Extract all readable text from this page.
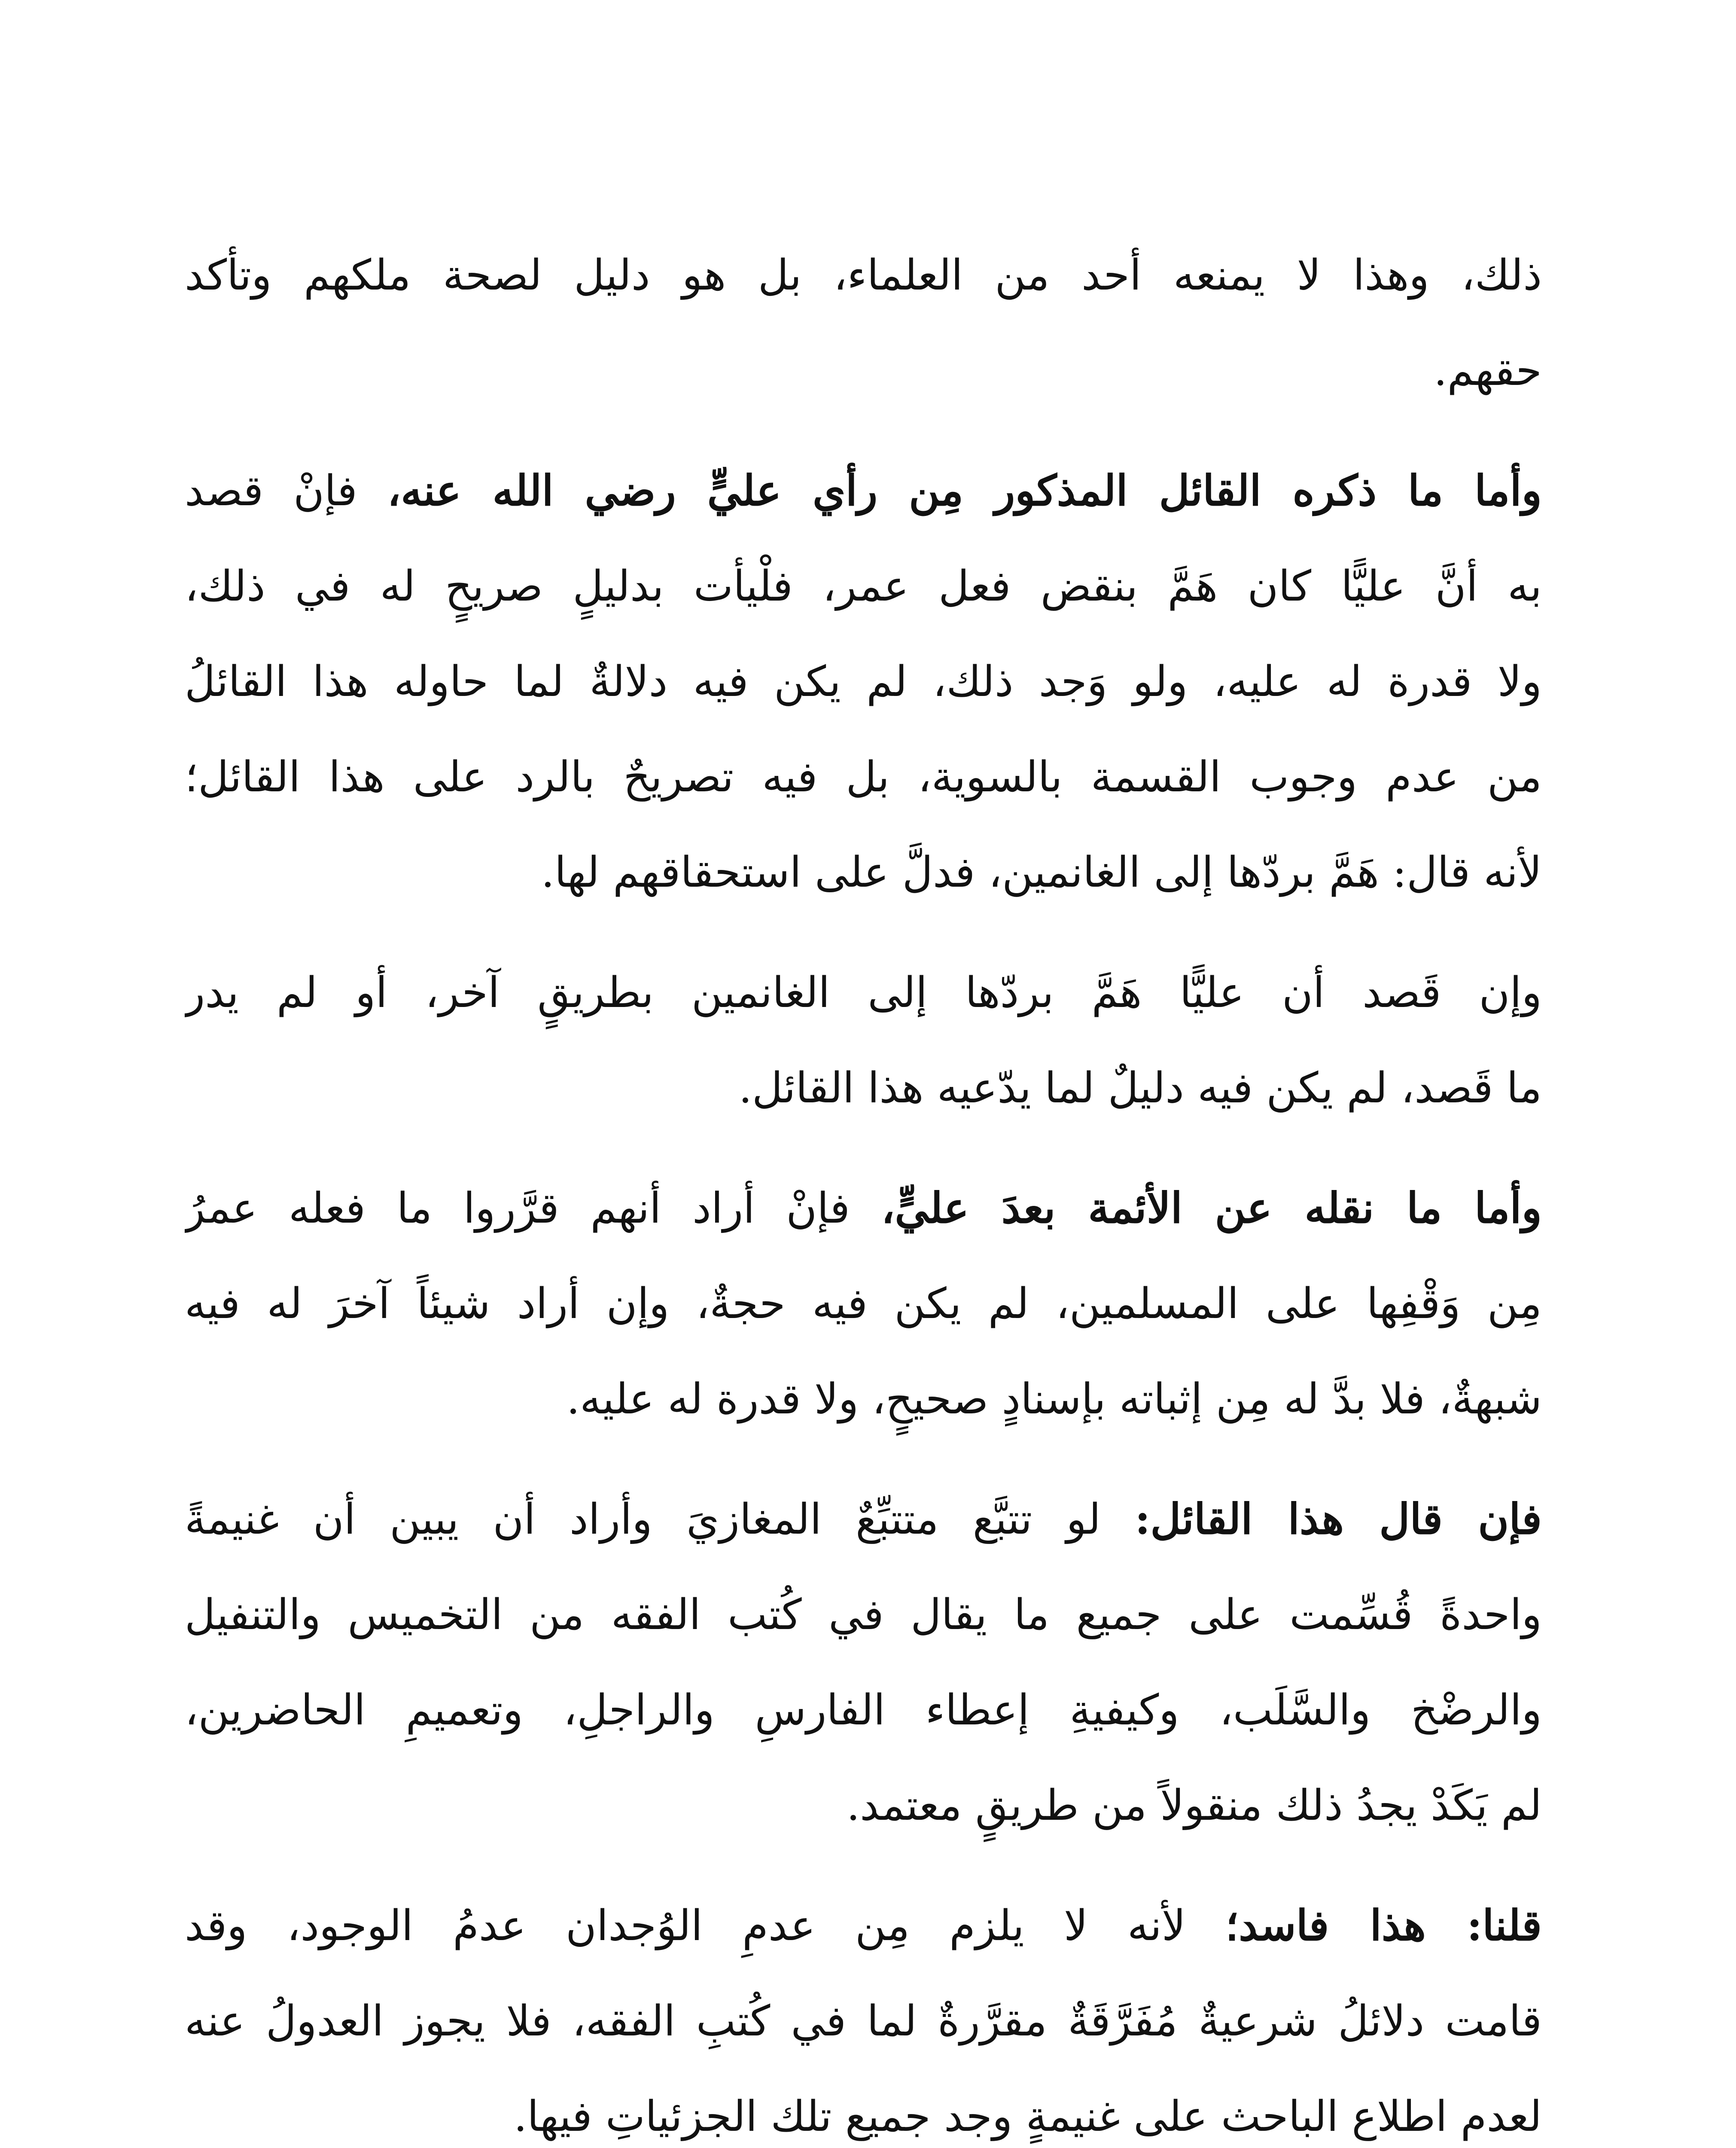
ذلك، وهذا لا يمنعه أحد من العلماء، بل هو دليل لصحة ملكهم وتأكد
حقهم.
وأما ما ذكره القائل المذكور مِن رأي عليٍّ رضي الله عنه، فإنْ قصد
به أنَّ عليًّا كان هَمَّ بنقض فعل عمر، فلْيأت بدليلٍ صريحٍ له في ذلك،
ولا قدرة له عليه، ولو وَجد ذلك، لم يكن فيه دلالةٌ لما حاوله هذا القائلُ
من عدم وجوب القسمة بالسوية، بل فيه تصريحٌ بالرد على هذا القائل؛
لأنه قال: هَمَّ بردّها إلى الغانمين، فدلَّ على استحقاقهم لها.
وإن قَصد أن عليًّا هَمَّ بردّها إلى الغانمين بطريقٍ آخر، أو لم يدر
ما قَصد، لم يكن فيه دليلٌ لما يدّعيه هذا القائل.
وأما ما نقله عن الأئمة بعدَ عليٍّ، فإنْ أراد أنهم قرَّروا ما فعله عمرُ
مِن وَقْفِها على المسلمين، لم يكن فيه حجةٌ، وإن أراد شيئاً آخرَ له فيه
شبهةٌ، فلا بدَّ له مِن إثباته بإسنادٍ صحيحٍ، ولا قدرة له عليه.
فإن قال هذا القائل: لو تتبَّع متتبِّعٌ المغازيَ وأراد أن يبين أن غنيمةً
واحدةً قُسِّمت على جميع ما يقال في كُتب الفقه من التخميس والتنفيل
والرضْخ والسَّلَب، وكيفيةِ إعطاء الفارسِ والراجلِ، وتعميمِ الحاضرين،
لم يَكَدْ يجدُ ذلك منقولاً من طريقٍ معتمد.
قلنا: هذا فاسد؛ لأنه لا يلزم مِن عدمِ الوُجدان عدمُ الوجود، وقد
قامت دلائلُ شرعيةٌ مُفَرَّقَةٌ مقرَّرةٌ لما في كُتبِ الفقه، فلا يجوز العدولُ عنه
لعدم اطلاع الباحث على غنيمةٍ وجد جميع تلك الجزئياتِ فيها.
